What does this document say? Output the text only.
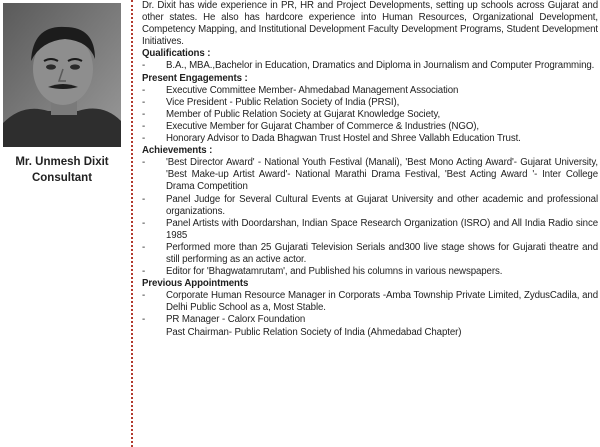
Mr. Unmesh Dixit
Consultant

Dr. Dixit has wide experience in PR, HR and Project Developments, setting up schools across Gujarat and other states. He also has hardcore experience into Human Resources, Organizational Development, Competency Mapping, and Institutional Development Faculty Development Programs, Student Development Initiatives.

Qualifications :

- B.A., MBA.,Bachelor in Education, Dramatics and Diploma in Journalism and Computer Programming.

Present Engagements :

- Executive Committee Member- Ahmedabad Management Association

- Vice President - Public Relation Society of India (PRSI),

- Member of Public Relation Society at Gujarat Knowledge Society,

- Executive Member for Gujarat Chamber of Commerce & Industries (NGO),

- Honorary Advisor to Dada Bhagwan Trust Hostel and Shree Vallabh Education Trust.

Achievements :

- 'Best Director Award' - National Youth Festival (Manali), 'Best Mono Acting Award'- Gujarat University, 'Best Make-up Artist Award'- National Marathi Drama Festival, 'Best Acting Award '- Inter College Drama Competition

- Panel Judge for Several Cultural Events at Gujarat University and other academic and professional organizations.

- Panel Artists with Doordarshan, Indian Space Research Organization (ISRO) and All India Radio since 1985

- Performed more than 25 Gujarati Television Serials and300 live stage shows for Gujarati theatre and still performing as an active actor.

- Editor for 'Bhagwatamrutam', and Published his columns in various newspapers.

Previous Appointments

- Corporate Human Resource Manager in Corporats -Amba Township Private Limited, ZydusCadila, and Delhi Public School as a, Most Stable.

- PR Manager - Calorx Foundation

Past Chairman- Public Relation Society of India (Ahmedabad Chapter)
